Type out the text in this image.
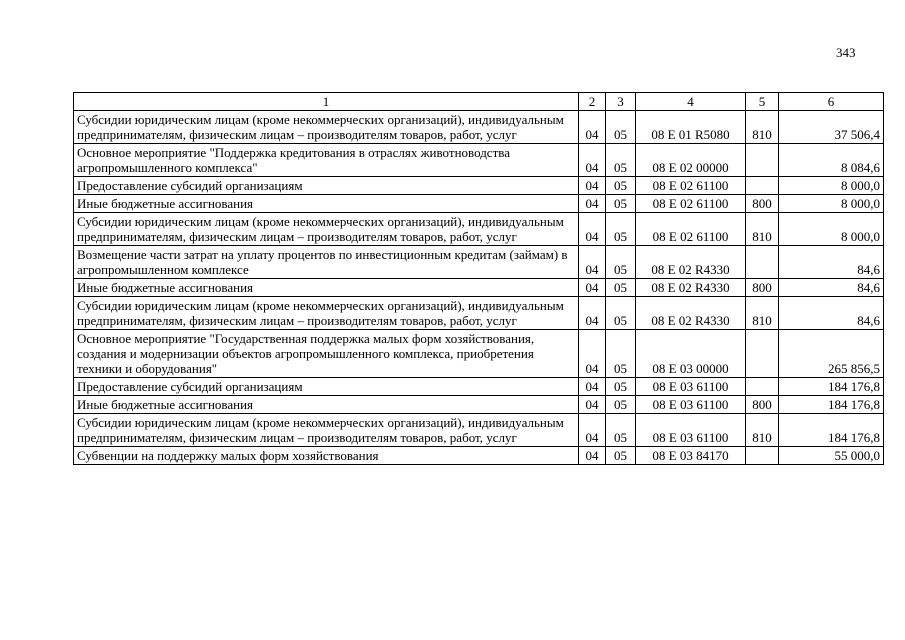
343
1	2	3	4	5	6
Субсидии юридическим лицам (кроме некоммерческих организаций), индивидуальным предпринимателям, физическим лицам – производителям товаров, работ, услуг	04	05	08 Е 01 R5080	810	37 506,4
Основное мероприятие "Поддержка кредитования в отраслях животноводства агропромышленного комплекса"	04	05	08 Е 02 00000		8 084,6
Предоставление субсидий организациям	04	05	08 Е 02 61100		8 000,0
Иные бюджетные ассигнования	04	05	08 Е 02 61100	800	8 000,0
Субсидии юридическим лицам (кроме некоммерческих организаций), индивидуальным предпринимателям, физическим лицам – производителям товаров, работ, услуг	04	05	08 Е 02 61100	810	8 000,0
Возмещение части затрат на уплату процентов по инвестиционным кредитам (займам) в агропромышленном комплексе	04	05	08 Е 02 R4330		84,6
Иные бюджетные ассигнования	04	05	08 Е 02 R4330	800	84,6
Субсидии юридическим лицам (кроме некоммерческих организаций), индивидуальным предпринимателям, физическим лицам – производителям товаров, работ, услуг	04	05	08 Е 02 R4330	810	84,6
Основное мероприятие "Государственная поддержка малых форм хозяйствования, создания и модернизации объектов агропромышленного комплекса, приобретения техники и оборудования"	04	05	08 Е 03 00000		265 856,5
Предоставление субсидий организациям	04	05	08 Е 03 61100		184 176,8
Иные бюджетные ассигнования	04	05	08 Е 03 61100	800	184 176,8
Субсидии юридическим лицам (кроме некоммерческих организаций), индивидуальным предпринимателям, физическим лицам – производителям товаров, работ, услуг	04	05	08 Е 03 61100	810	184 176,8
Субвенции на поддержку малых форм хозяйствования	04	05	08 Е 03 84170		55 000,0
